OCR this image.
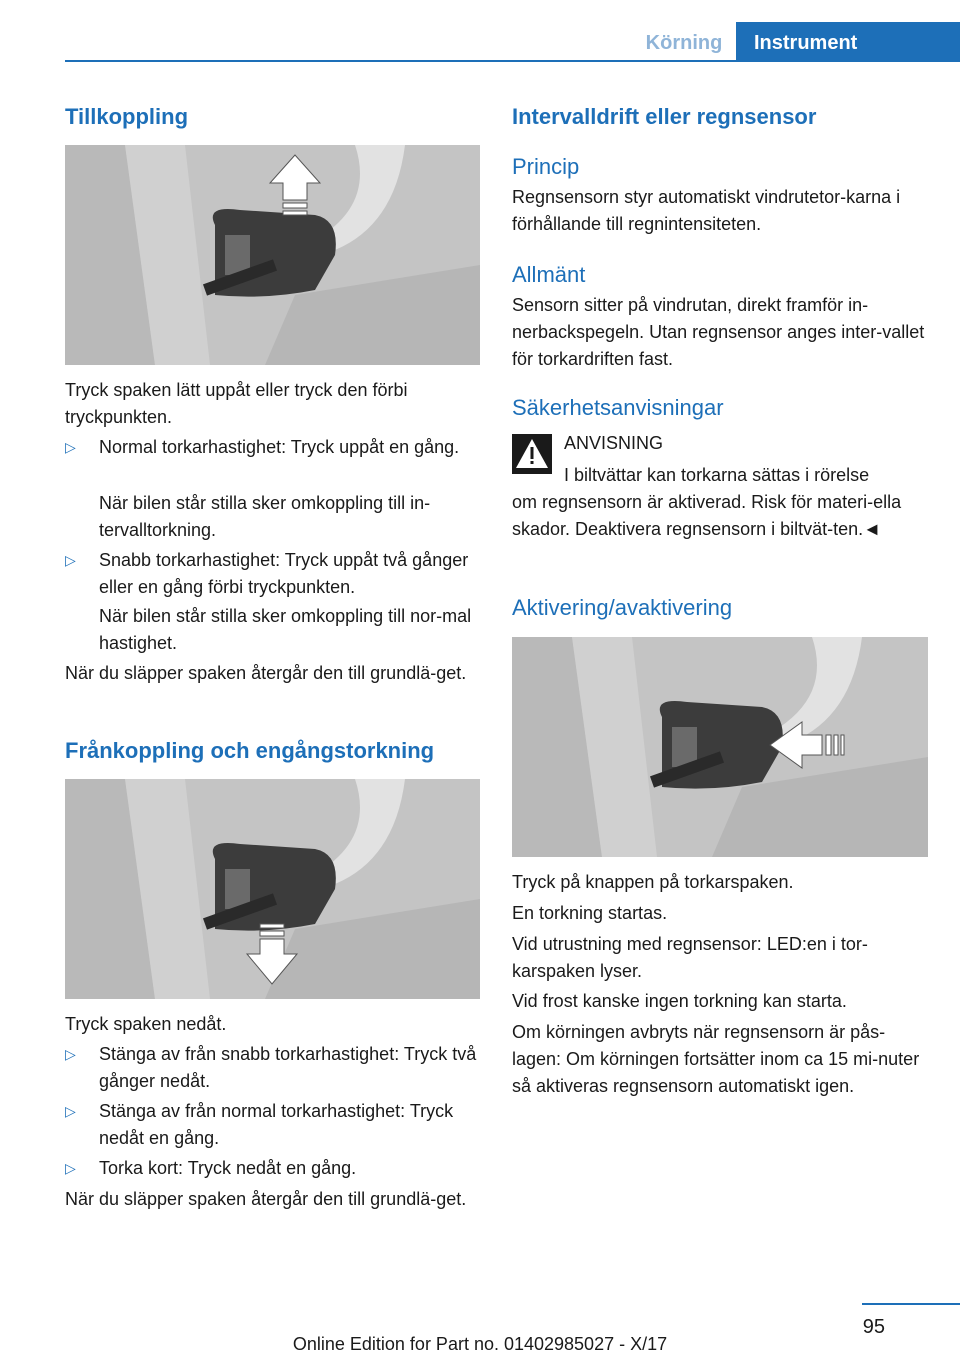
Körning	Instrument
Tillkoppling

Tryck spaken lätt uppåt eller tryck den förbi tryckpunkten.

▷ Normal torkarhastighet: Tryck uppåt en gång.

När bilen står stilla sker omkoppling till in-tervalltorkning.

▷ Snabb torkarhastighet: Tryck uppåt två gånger eller en gång förbi tryckpunkten.

När bilen står stilla sker omkoppling till nor-mal hastighet.

När du släpper spaken återgår den till grundlä-get.

Frånkoppling och engångstorkning

Tryck spaken nedåt.

▷ Stänga av från snabb torkarhastighet: Tryck två gånger nedåt.

▷ Stänga av från normal torkarhastighet: Tryck nedåt en gång.

▷ Torka kort: Tryck nedåt en gång.

När du släpper spaken återgår den till grundlä-get.

Intervalldrift eller regnsensor
Princip

Regnsensorn styr automatiskt vindrutetor-karna i förhållande till regnintensiteten.

Allmänt

Sensorn sitter på vindrutan, direkt framför in-nerbackspegeln. Utan regnsensor anges inter-vallet för torkardriften fast.

Säkerhetsanvisningar

ANVISNING

I biltvättar kan torkarna sättas i rörelse

om regnsensorn är aktiverad. Risk för materi-ella skador. Deaktivera regnsensorn i biltvät-ten.◄

Aktivering/avaktivering

Tryck på knappen på torkarspaken.

En torkning startas.

Vid utrustning med regnsensor: LED:en i tor-karspaken lyser.

Vid frost kanske ingen torkning kan starta.

Om körningen avbryts när regnsensorn är pås-lagen: Om körningen fortsätter inom ca 15 mi-nuter så aktiveras regnsensorn automatiskt igen.

95
Online Edition for Part no. 01402985027 - X/17
